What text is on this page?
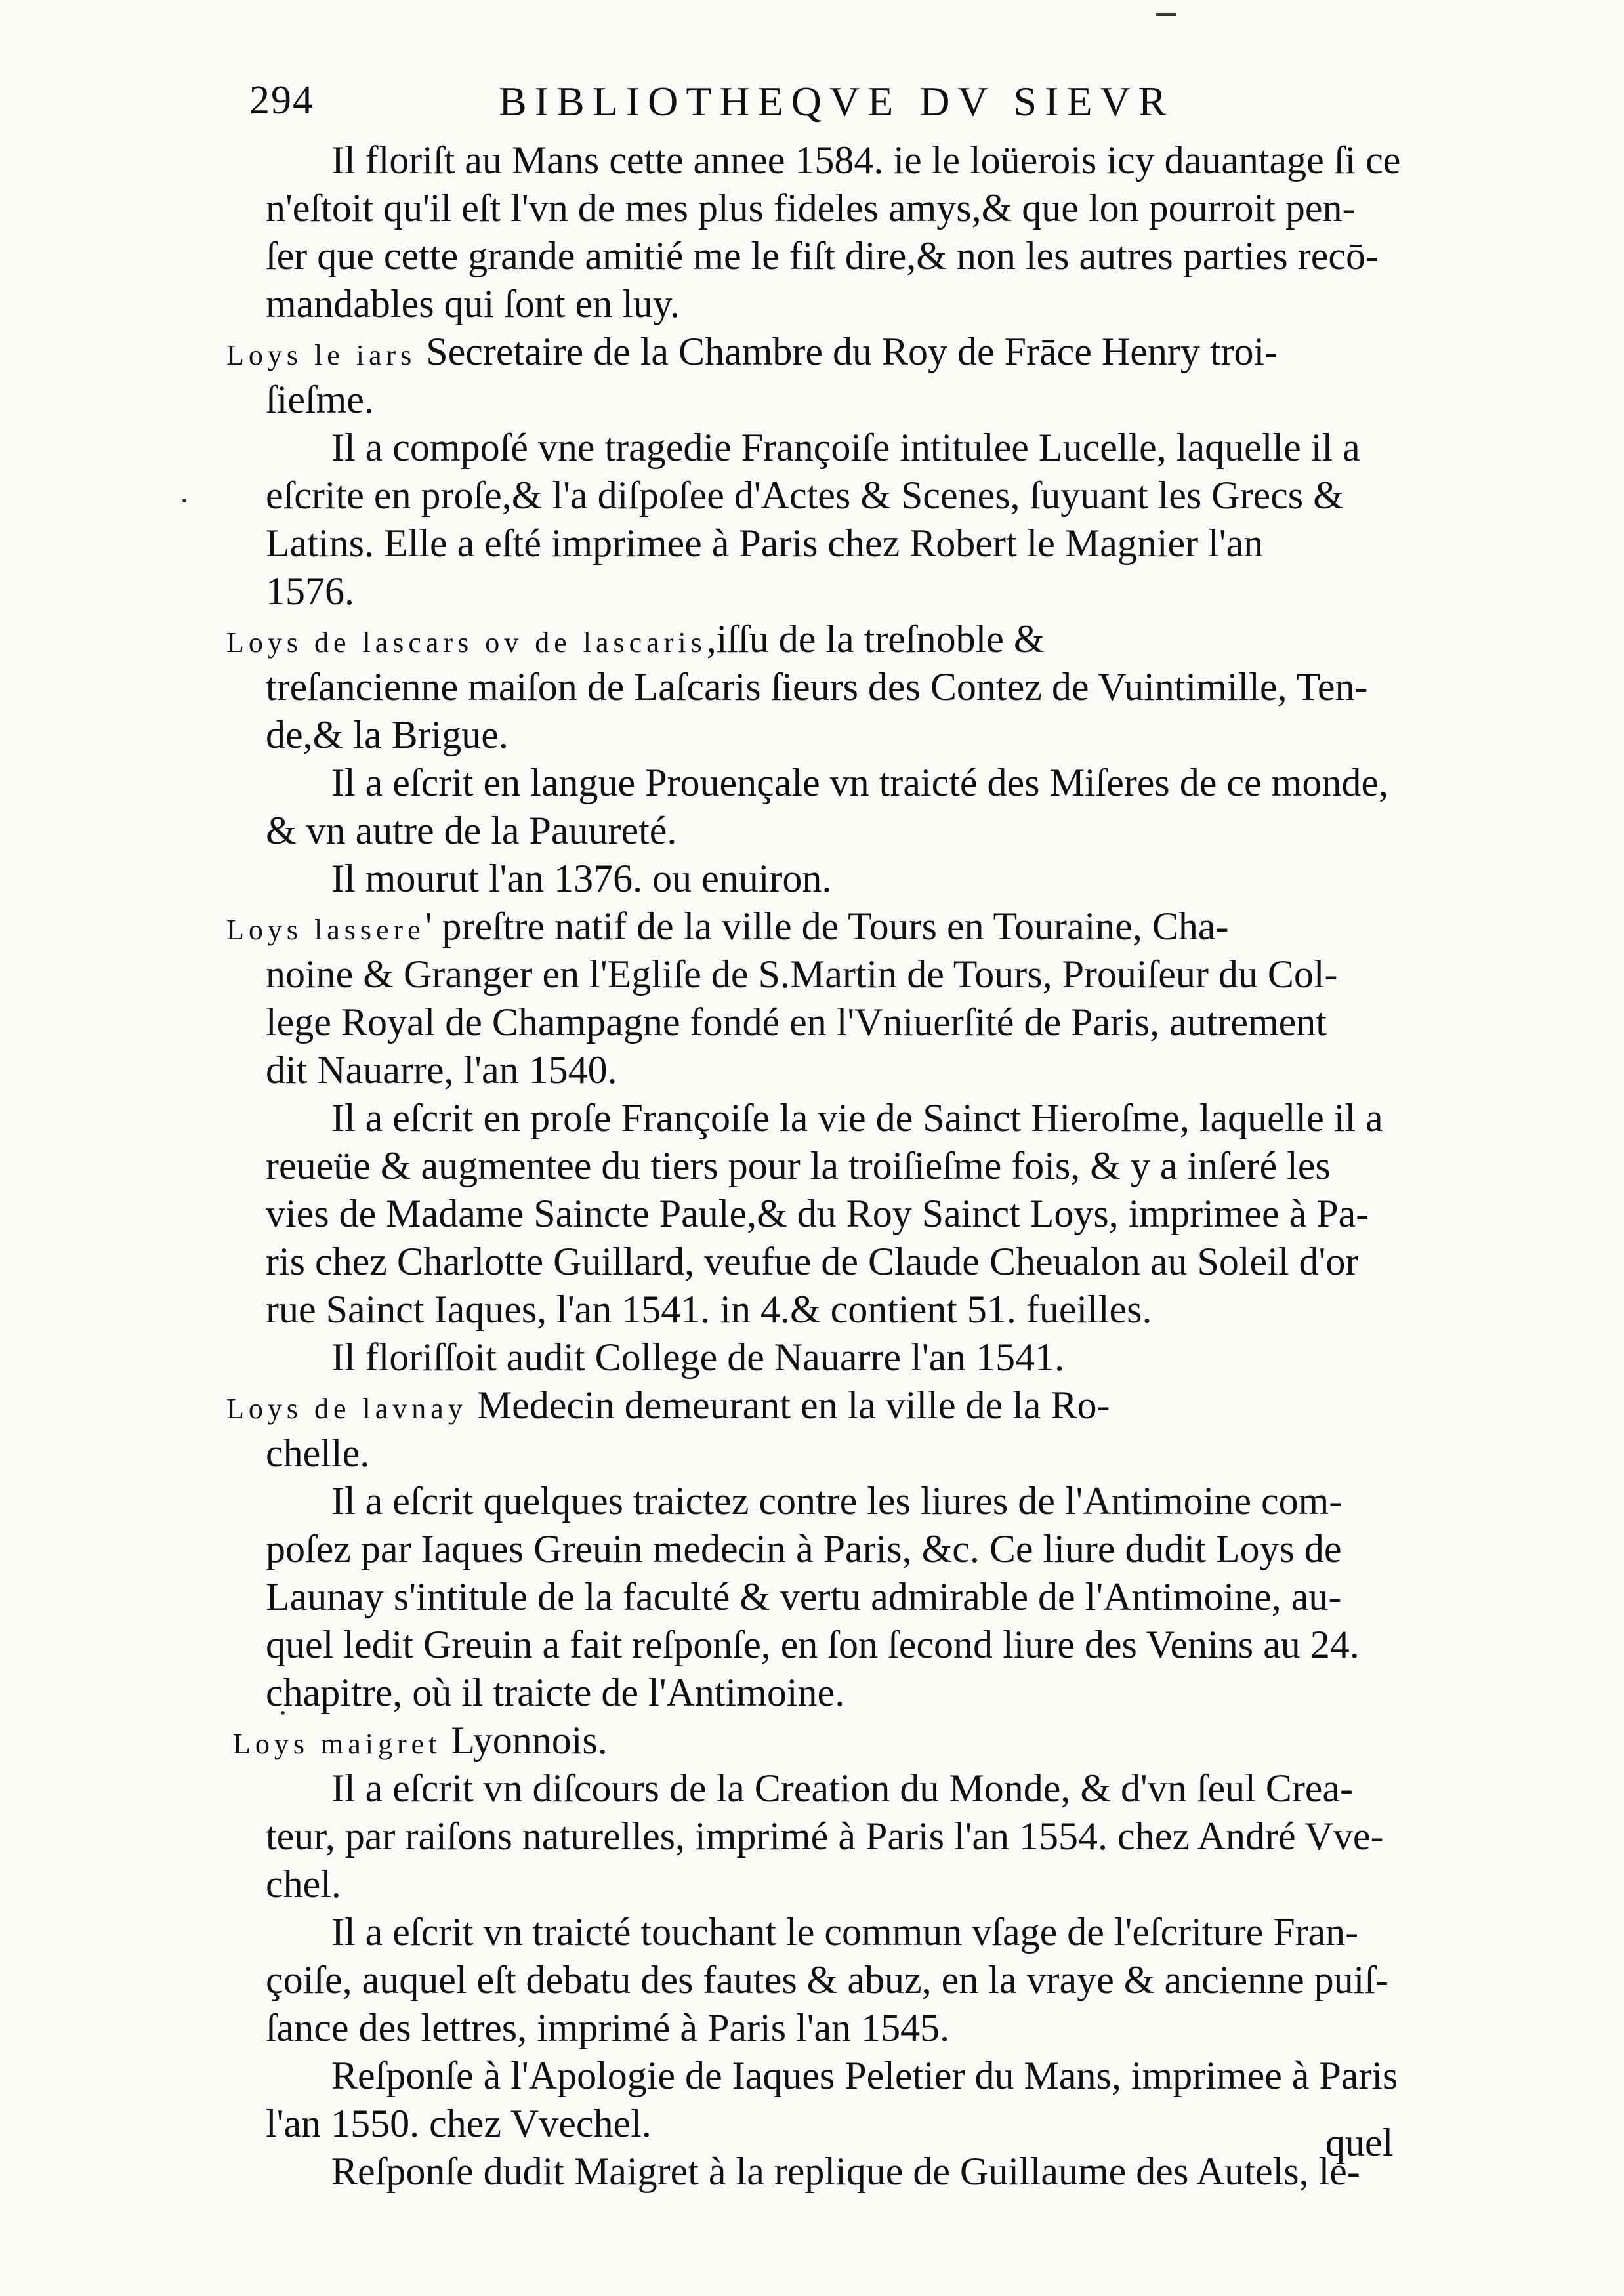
294	BIBLIOTHEQVE DV SIEVR
Il floriſt au Mans cette annee 1584. ie le loüerois icy dauantage ſi ce
n'eſtoit qu'il eſt l'vn de mes plus fideles amys,& que lon pourroit pen-
ſer que cette grande amitié me le fiſt dire,& non les autres parties recō-
mandables qui ſont en luy.
Loys le iars Secretaire de la Chambre du Roy de Frāce Henry troi-
ſieſme.
Il a compoſé vne tragedie Françoiſe intitulee Lucelle, laquelle il a
eſcrite en proſe,& l'a diſpoſee d'Actes & Scenes, ſuyuant les Grecs &
Latins. Elle a eſté imprimee à Paris chez Robert le Magnier l'an
1576.
Loys de lascars ov de lascaris,iſſu de la treſnoble &
treſancienne maiſon de Laſcaris ſieurs des Contez de Vuintimille, Ten-
de,& la Brigue.
Il a eſcrit en langue Prouençale vn traicté des Miſeres de ce monde,
& vn autre de la Pauureté.
Il mourut l'an 1376. ou enuiron.
Loys lassere' preſtre natif de la ville de Tours en Touraine, Cha-
noine & Granger en l'Egliſe de S.Martin de Tours, Prouiſeur du Col-
lege Royal de Champagne fondé en l'Vniuerſité de Paris, autrement
dit Nauarre, l'an 1540.
Il a eſcrit en proſe Françoiſe la vie de Sainct Hieroſme, laquelle il a
reueüe & augmentee du tiers pour la troiſieſme fois, & y a inſeré les
vies de Madame Saincte Paule,& du Roy Sainct Loys, imprimee à Pa-
ris chez Charlotte Guillard, veufue de Claude Cheualon au Soleil d'or
rue Sainct Iaques, l'an 1541. in 4.& contient 51. fueilles.
Il floriſſoit audit College de Nauarre l'an 1541.
Loys de lavnay Medecin demeurant en la ville de la Ro-
chelle.
Il a eſcrit quelques traictez contre les liures de l'Antimoine com-
poſez par Iaques Greuin medecin à Paris, &c. Ce liure dudit Loys de
Launay s'intitule de la faculté & vertu admirable de l'Antimoine, au-
quel ledit Greuin a fait reſponſe, en ſon ſecond liure des Venins au 24.
chapitre, où il traicte de l'Antimoine.
Loys maigret Lyonnois.
Il a eſcrit vn diſcours de la Creation du Monde, & d'vn ſeul Crea-
teur, par raiſons naturelles, imprimé à Paris l'an 1554. chez André Vve-
chel.
Il a eſcrit vn traicté touchant le commun vſage de l'eſcriture Fran-
çoiſe, auquel eſt debatu des fautes & abuz, en la vraye & ancienne puiſ-
ſance des lettres, imprimé à Paris l'an 1545.
Reſponſe à l'Apologie de Iaques Peletier du Mans, imprimee à Paris
l'an 1550. chez Vvechel.
Reſponſe dudit Maigret à la replique de Guillaume des Autels, le-
quel
